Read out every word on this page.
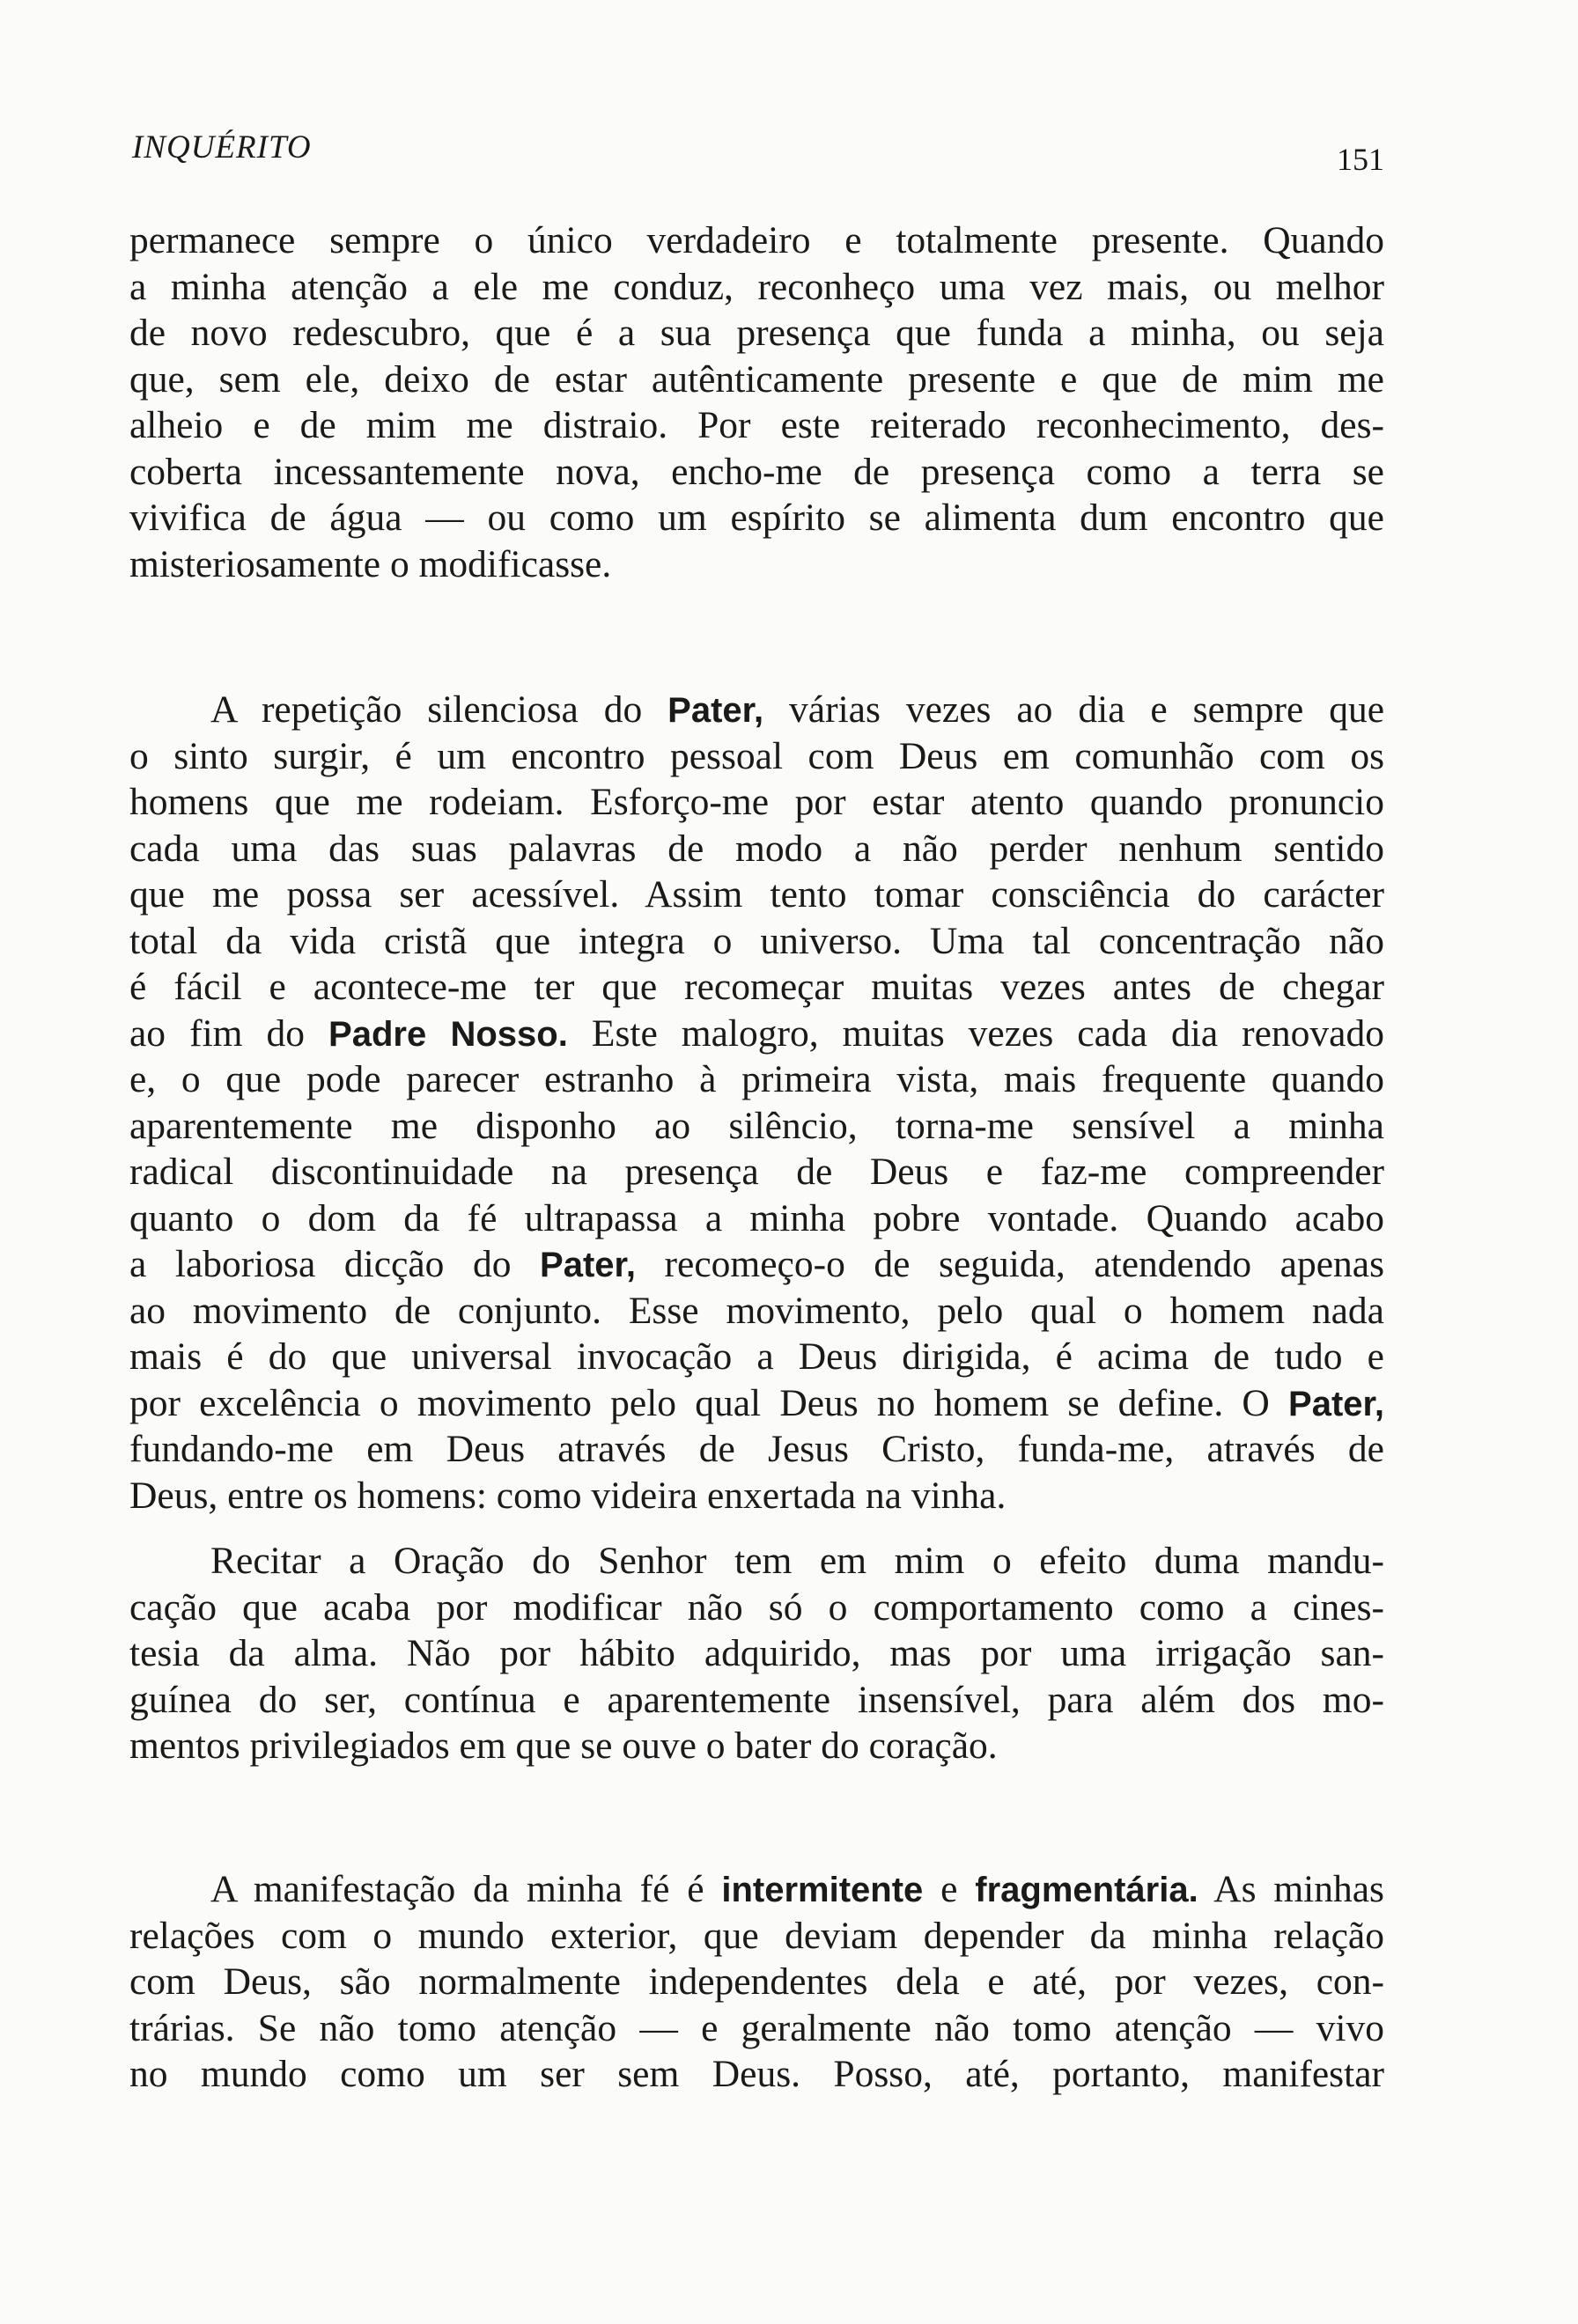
INQUÉRITO	151
permanece sempre o único verdadeiro e totalmente presente. Quando
a minha atenção a ele me conduz, reconheço uma vez mais, ou melhor
de novo redescubro, que é a sua presença que funda a minha, ou seja
que, sem ele, deixo de estar autênticamente presente e que de mim me
alheio e de mim me distraio. Por este reiterado reconhecimento, des-
coberta incessantemente nova, encho-me de presença como a terra se
vivifica de água — ou como um espírito se alimenta dum encontro que
misteriosamente o modificasse.
A repetição silenciosa do Pater, várias vezes ao dia e sempre que
o sinto surgir, é um encontro pessoal com Deus em comunhão com os
homens que me rodeiam. Esforço-me por estar atento quando pronuncio
cada uma das suas palavras de modo a não perder nenhum sentido
que me possa ser acessível. Assim tento tomar consciência do carácter
total da vida cristã que integra o universo. Uma tal concentração não
é fácil e acontece-me ter que recomeçar muitas vezes antes de chegar
ao fim do Padre Nosso. Este malogro, muitas vezes cada dia renovado
e, o que pode parecer estranho à primeira vista, mais frequente quando
aparentemente me disponho ao silêncio, torna-me sensível a minha
radical discontinuidade na presença de Deus e faz-me compreender
quanto o dom da fé ultrapassa a minha pobre vontade. Quando acabo
a laboriosa dicção do Pater, recomeço-o de seguida, atendendo apenas
ao movimento de conjunto. Esse movimento, pelo qual o homem nada
mais é do que universal invocação a Deus dirigida, é acima de tudo e
por excelência o movimento pelo qual Deus no homem se define. O Pater,
fundando-me em Deus através de Jesus Cristo, funda-me, através de
Deus, entre os homens: como videira enxertada na vinha.
Recitar a Oração do Senhor tem em mim o efeito duma mandu-
cação que acaba por modificar não só o comportamento como a cines-
tesia da alma. Não por hábito adquirido, mas por uma irrigação san-
guínea do ser, contínua e aparentemente insensível, para além dos mo-
mentos privilegiados em que se ouve o bater do coração.
A manifestação da minha fé é intermitente e fragmentária. As minhas
relações com o mundo exterior, que deviam depender da minha relação
com Deus, são normalmente independentes dela e até, por vezes, con-
trárias. Se não tomo atenção — e geralmente não tomo atenção — vivo
no mundo como um ser sem Deus. Posso, até, portanto, manifestar
